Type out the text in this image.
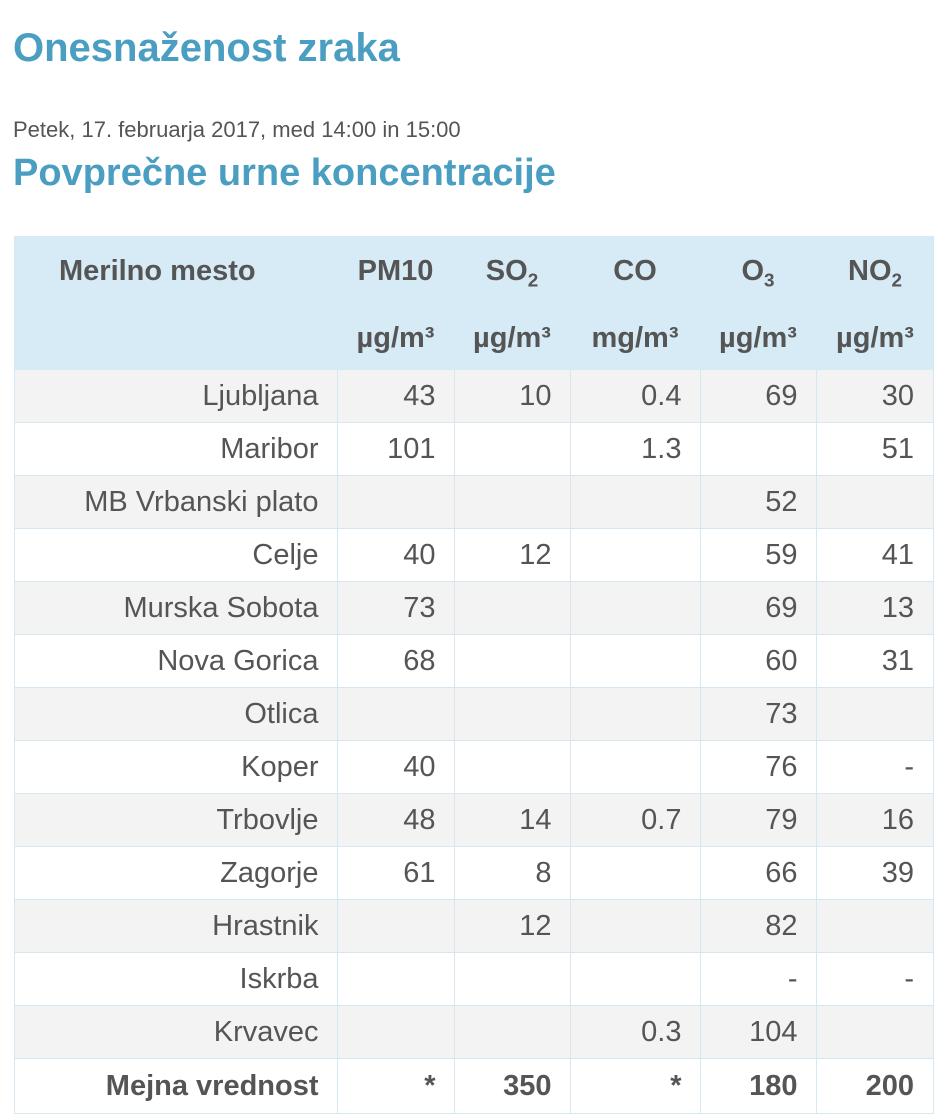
Onesnaženost zraka
Petek, 17. februarja 2017, med 14:00 in 15:00
Povprečne urne koncentracije
Merilno mesto	PM10	$SO_2$	CO	$O_3$	$NO_2$
	µg/m³	µg/m³	mg/m³	µg/m³	µg/m³
Ljubljana	43	10	0.4	69	30
Maribor	101		1.3		51
MB Vrbanski plato				52	
Celje	40	12		59	41
Murska Sobota	73			69	13
Nova Gorica	68			60	31
Otlica				73	
Koper	40			76	-
Trbovlje	48	14	0.7	79	16
Zagorje	61	8		66	39
Hrastnik		12		82	
Iskrba				-	-
Krvavec			0.3	104	
Mejna vrednost	*	350	*	180	200
